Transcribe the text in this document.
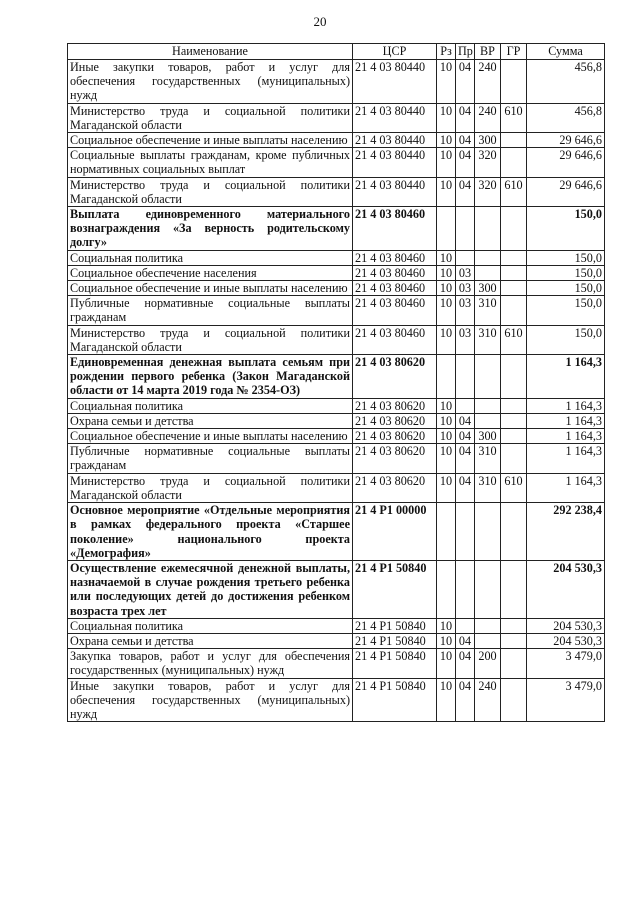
20
Наименование	ЦСР	Рз	Пр	ВР	ГР	Сумма
Иные закупки товаров, работ и услуг для обеспечения государственных (муниципальных) нужд	21 4 03 80440	10	04	240		456,8
Министерство труда и социальной политики Магаданской области	21 4 03 80440	10	04	240	610	456,8
Социальное обеспечение и иные выплаты населению	21 4 03 80440	10	04	300		29 646,6
Социальные выплаты гражданам, кроме публичных нормативных социальных выплат	21 4 03 80440	10	04	320		29 646,6
Министерство труда и социальной политики Магаданской области	21 4 03 80440	10	04	320	610	29 646,6
Выплата единовременного материального вознаграждения «За верность родительскому долгу»	21 4 03 80460					150,0
Социальная политика	21 4 03 80460	10				150,0
Социальное обеспечение населения	21 4 03 80460	10	03			150,0
Социальное обеспечение и иные выплаты населению	21 4 03 80460	10	03	300		150,0
Публичные нормативные социальные выплаты гражданам	21 4 03 80460	10	03	310		150,0
Министерство труда и социальной политики Магаданской области	21 4 03 80460	10	03	310	610	150,0
Единовременная денежная выплата семьям при рождении первого ребенка (Закон Магаданской области от 14 марта 2019 года № 2354-ОЗ)	21 4 03 80620					1 164,3
Социальная политика	21 4 03 80620	10				1 164,3
Охрана семьи и детства	21 4 03 80620	10	04			1 164,3
Социальное обеспечение и иные выплаты населению	21 4 03 80620	10	04	300		1 164,3
Публичные нормативные социальные выплаты гражданам	21 4 03 80620	10	04	310		1 164,3
Министерство труда и социальной политики Магаданской области	21 4 03 80620	10	04	310	610	1 164,3
Основное мероприятие «Отдельные мероприятия в рамках федерального проекта «Старшее поколение» национального проекта «Демография»	21 4 P1 00000					292 238,4
Осуществление ежемесячной денежной выплаты, назначаемой в случае рождения третьего ребенка или последующих детей до достижения ребенком возраста трех лет	21 4 P1 50840					204 530,3
Социальная политика	21 4 P1 50840	10				204 530,3
Охрана семьи и детства	21 4 P1 50840	10	04			204 530,3
Закупка товаров, работ и услуг для обеспечения государственных (муниципальных) нужд	21 4 P1 50840	10	04	200		3 479,0
Иные закупки товаров, работ и услуг для обеспечения государственных (муниципальных) нужд	21 4 P1 50840	10	04	240		3 479,0
